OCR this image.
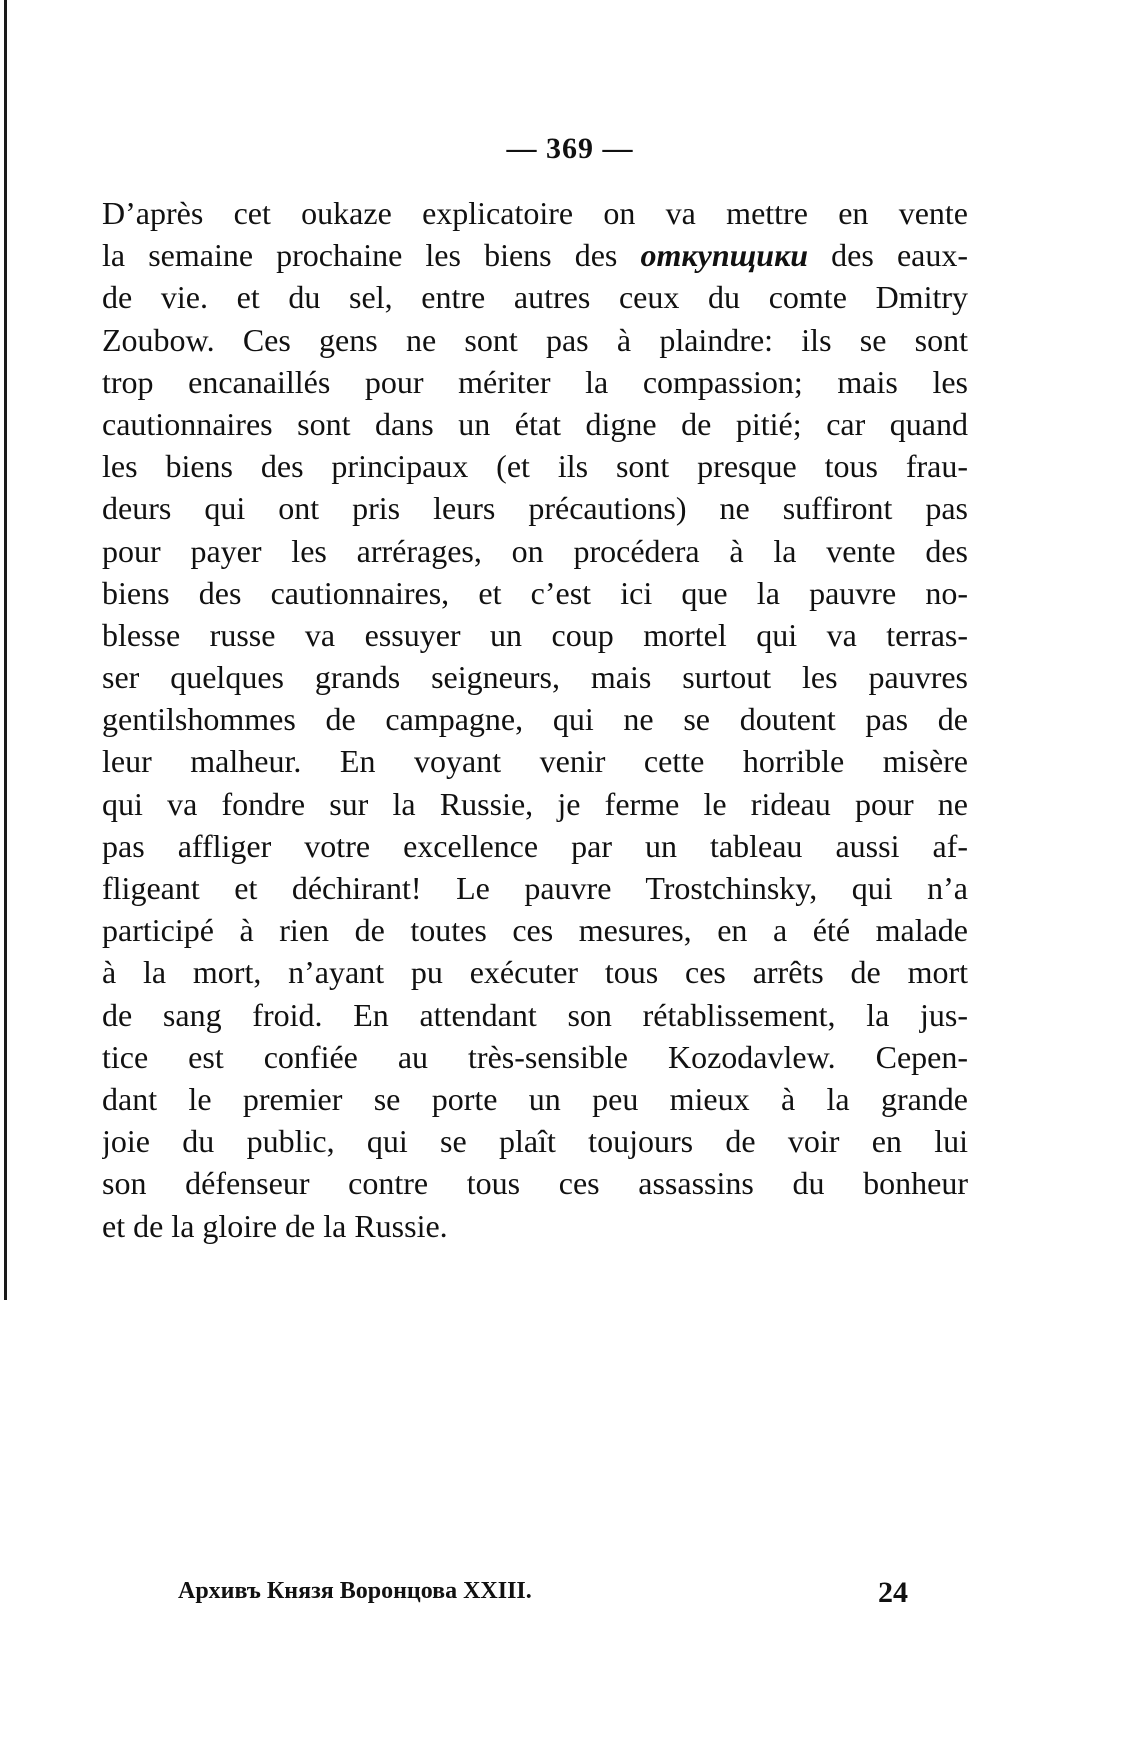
— 369 —
D’après cet oukaze explicatoire on va mettre en vente
la semaine prochaine les biens des откупщики des eaux-
de vie. et du sel, entre autres ceux du comte Dmitry
Zoubow. Ces gens ne sont pas à plaindre: ils se sont
trop encanaillés pour mériter la compassion; mais les
cautionnaires sont dans un état digne de pitié; car quand
les biens des principaux (et ils sont presque tous frau-
deurs qui ont pris leurs précautions) ne suffiront pas
pour payer les arrérages, on procédera à la vente des
biens des cautionnaires, et c’est ici que la pauvre no-
blesse russe va essuyer un coup mortel qui va terras-
ser quelques grands seigneurs, mais surtout les pauvres
gentilshommes de campagne, qui ne se doutent pas de
leur malheur. En voyant venir cette horrible misère
qui va fondre sur la Russie, je ferme le rideau pour ne
pas affliger votre excellence par un tableau aussi af-
fligeant et déchirant! Le pauvre Trostchinsky, qui n’a
participé à rien de toutes ces mesures, en a été malade
à la mort, n’ayant pu exécuter tous ces arrêts de mort
de sang froid. En attendant son rétablissement, la jus-
tice est confiée au très-sensible Kozodavlew. Cepen-
dant le premier se porte un peu mieux à la grande
joie du public, qui se plaît toujours de voir en lui
son défenseur contre tous ces assassins du bonheur
et de la gloire de la Russie.
Архивъ Князя Воронцова XXIII.	24
